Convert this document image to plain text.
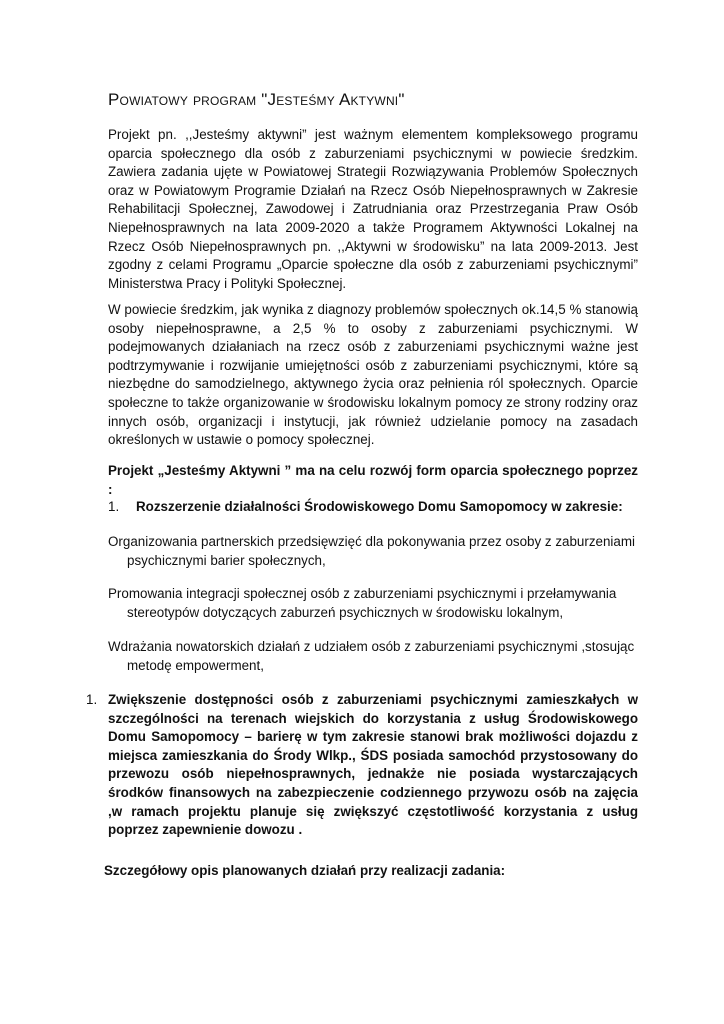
Powiatowy program "Jesteśmy Aktywni"

Projekt pn. ,,Jesteśmy aktywni” jest ważnym elementem kompleksowego programu oparcia społecznego dla osób z zaburzeniami psychicznymi w powiecie średzkim. Zawiera zadania ujęte w Powiatowej Strategii Rozwiązywania Problemów Społecznych oraz w Powiatowym Programie Działań na Rzecz Osób Niepełnosprawnych w Zakresie Rehabilitacji Społecznej, Zawodowej i Zatrudniania oraz Przestrzegania Praw Osób Niepełnosprawnych na lata 2009-2020 a także Programem Aktywności Lokalnej na Rzecz Osób Niepełnosprawnych pn. ,,Aktywni w środowisku” na lata 2009-2013. Jest zgodny z celami Programu „Oparcie społeczne dla osób z zaburzeniami psychicznymi” Ministerstwa Pracy i Polityki Społecznej.

W powiecie średzkim, jak wynika z diagnozy problemów społecznych ok.14,5 % stanowią osoby niepełnosprawne, a 2,5 % to osoby z zaburzeniami psychicznymi. W podejmowanych działaniach na rzecz osób z zaburzeniami psychicznymi ważne jest podtrzymywanie i rozwijanie umiejętności osób z zaburzeniami psychicznymi, które są niezbędne do samodzielnego, aktywnego życia oraz pełnienia ról społecznych. Oparcie społeczne to także organizowanie w środowisku lokalnym pomocy ze strony rodziny oraz innych osób, organizacji i instytucji, jak również udzielanie pomocy na zasadach określonych w ustawie o pomocy społecznej.

Projekt „Jesteśmy Aktywni ” ma na celu rozwój form oparcia społecznego poprzez :

1. Rozszerzenie działalności Środowiskowego Domu Samopomocy w zakresie:

Organizowania partnerskich przedsięwzięć dla pokonywania przez osoby z zaburzeniami
psychicznymi barier społecznych,

Promowania integracji społecznej osób z zaburzeniami psychicznymi i przełamywania
stereotypów dotyczących zaburzeń psychicznych w środowisku lokalnym,

Wdrażania nowatorskich działań z udziałem osób z zaburzeniami psychicznymi ,stosując
metodę empowerment,

1. Zwiększenie dostępności osób z zaburzeniami psychicznymi zamieszkałych w szczególności na terenach wiejskich do korzystania z usług Środowiskowego Domu Samopomocy – barierę w tym zakresie stanowi brak możliwości dojazdu z miejsca zamieszkania do Środy Wlkp., ŚDS posiada samochód przystosowany do przewozu osób niepełnosprawnych, jednakże nie posiada wystarczających środków finansowych na zabezpieczenie codziennego przywozu osób na zajęcia ,w ramach projektu planuje się zwiększyć częstotliwość korzystania z usług poprzez zapewnienie dowozu .

Szczegółowy opis planowanych działań przy realizacji zadania:
